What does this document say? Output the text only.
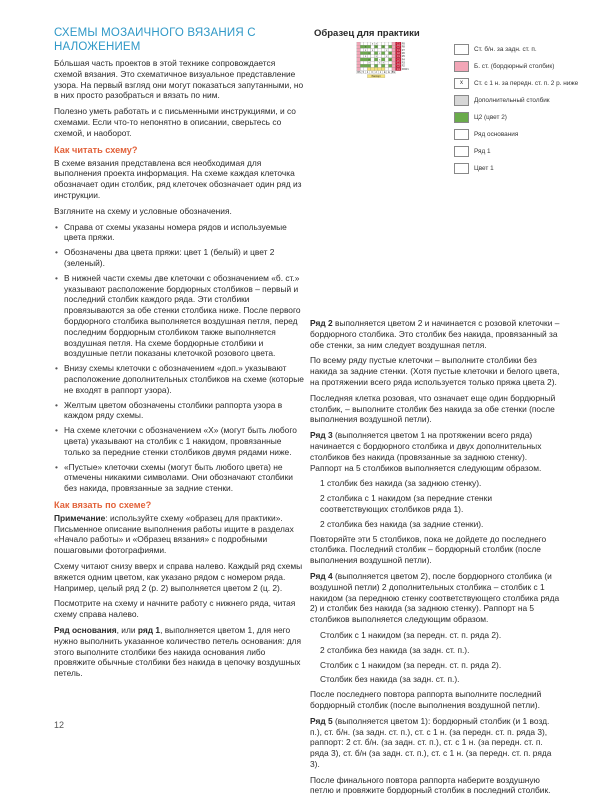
СХЕМЫ МОЗАИЧНОГО ВЯЗАНИЯ С НАЛОЖЕНИЕМ

Бо́льшая часть проектов в этой технике сопровождается схемой вязания. Это схематичное визуальное представление узора. На первый взгляд они могут показаться запутанными, но в них просто разобраться и вязать по ним.

Полезно уметь работать и с письменными инструкциями, и со схемами. Если что-то непонятно в описании, сверьтесь со схемой, и наоборот.

Как читать схему?

В схеме вязания представлена вся необходимая для выполнения проекта информация. На схеме каждая клеточка обозначает один столбик, ряд клеточек обозначает один ряд из инструкции.

Взгляните на схему и условные обозначения.

• Справа от схемы указаны номера рядов и используемые цвета пряжи.
• Обозначены два цвета пряжи: цвет 1 (белый) и цвет 2 (зеленый).
• В нижней части схемы две клеточки с обозначением «б. ст.» указывают расположение бордюрных столбиков – первый и последний столбик каждого ряда. Эти столбики провязываются за обе стенки столбика ниже. После первого бордюрного столбика выполняется воздушная петля, перед последним бордюрным столбиком также выполняется воздушная петля. На схеме бордюрные столбики и воздушные петли показаны клеточкой розового цвета.
• Внизу схемы клеточки с обозначением «доп.» указывают расположение дополнительных столбиков на схеме (которые не входят в раппорт узора).
• Желтым цветом обозначены столбики раппорта узора в каждом ряду схемы.
• На схеме клеточки с обозначением «X» (могут быть любого цвета) указывают на столбик с 1 накидом, провязанные только за передние стенки столбиков двумя рядами ниже.
• «Пустые» клеточки схемы (могут быть любого цвета) не отмечены никакими символами. Они обозначают столбики без накида, провязанные за задние стенки.
Как вязать по схеме?

Примечание: используйте схему «образец для практики». Письменное описание выполнения работы ищите в разделах «Начало работы» и «Образец вязания» с подробными пошаговыми фотографиями.

Схему читают снизу вверх и справа налево. Каждый ряд схемы вяжется одним цветом, как указано рядом с номером ряда. Например, целый ряд 2 (р. 2) выполняется цветом 2 (ц. 2).

Посмотрите на схему и начните работу с нижнего ряда, читая схему справа налево.

Ряд основания, или ряд 1, выполняется цветом 1, для него нужно выполнить указанное количество петель основания: для этого выполните столбики без накида основания либо провяжите обычные столбики без накида в цепочку воздушных петель.

Образец для практики
x x	C1 R9
x x x C2 R8
x x x C1 R7
x x x C2 R6
x x x C1 R5
x x x C2 R4
x x x C1 R3
C2 R2
C1 FR/R1
BS 5 4 3 2 1 E E BS
Раппорт
Ст. б/н. за задн. ст. п.
Б. ст. (бордюрный столбик)
x	Ст. с 1 н. за передн. ст. п. 2 р. ниже
Дополнительный столбик
Ц2 (цвет 2)
Ряд основания
Ряд 1
Цвет 1

Ряд 2 выполняется цветом 2 и начинается с розовой клеточки – бордюрного столбика. Это столбик без накида, провязанный за обе стенки, за ним следует воздушная петля.

По всему ряду пустые клеточки – выполните столбики без накида за задние стенки. (Хотя пустые клеточки и белого цвета, на протяжении всего ряда используется только пряжа цвета 2).

Последняя клетка розовая, что означает еще один бордюрный столбик, – выполните столбик без накида за обе стенки (после выполнения воздушной петли).

Ряд 3 (выполняется цветом 1 на протяжении всего ряда) начинается с бордюрного столбика и двух дополнительных столбиков без накида (провязанные за заднюю стенку). Раппорт на 5 столбиков выполняется следующим образом.

1 столбик без накида (за заднюю стенку).

2 столбика с 1 накидом (за передние стенки соответствующих столбиков ряда 1).

2 столбика без накида (за задние стенки).

Повторяйте эти 5 столбиков, пока не дойдете до последнего столбика. Последний столбик – бордюрный столбик (после выполнения воздушной петли).

Ряд 4 (выполняется цветом 2), после бордюрного столбика (и воздушной петли) 2 дополнительных столбика – столбик с 1 накидом (за переднюю стенку соответствующего столбика ряда 2) и столбик без накида (за заднюю стенку). Раппорт на 5 столбиков выполняется следующим образом.

Столбик с 1 накидом (за передн. ст. п. ряда 2).

2 столбика без накида (за задн. ст. п.).

Столбик с 1 накидом (за передн. ст. п. ряда 2).

Столбик без накида (за задн. ст. п.).

После последнего повтора раппорта выполните последний бордюрный столбик (после выполнения воздушной петли).

Ряд 5 (выполняется цветом 1): бордюрный столбик (и 1 возд. п.), ст. б/н. (за задн. ст. п.), ст. с 1 н. (за передн. ст. п. ряда 3), раппорт: 2 ст. б/н. (за задн. ст. п.), ст. с 1 н. (за передн. ст. п. ряда 3), ст. б/н (за задн. ст. п.), ст. с 1 н. (за передн. ст. п. ряда 3).

После финального повтора раппорта наберите воздушную петлю и провяжите бордюрный столбик в последний столбик.

12
